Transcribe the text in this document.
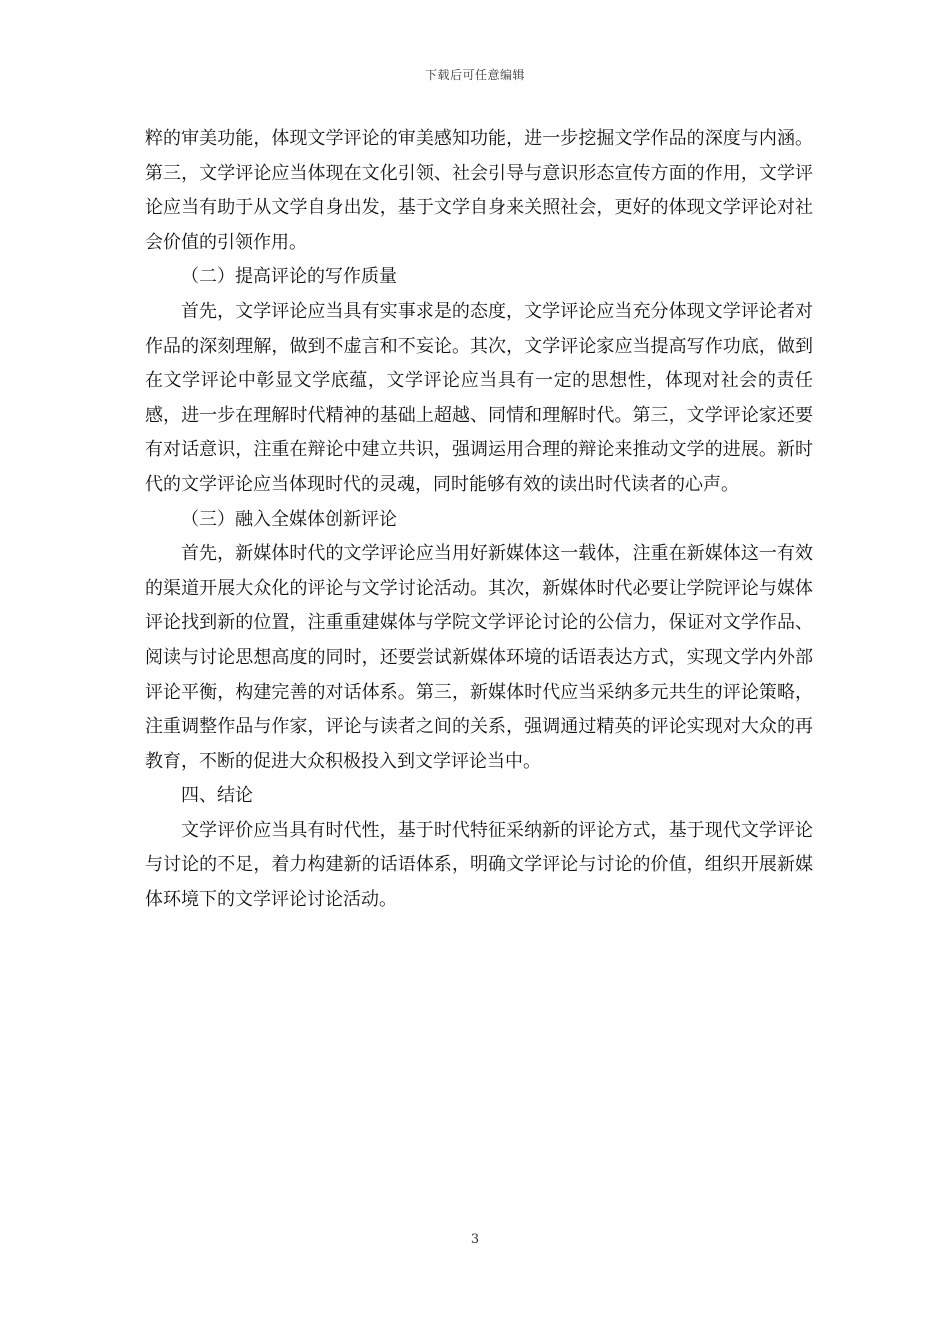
下载后可任意编辑

粹的审美功能，体现文学评论的审美感知功能，进一步挖掘文学作品的深度与内涵。第三，文学评论应当体现在文化引领、社会引导与意识形态宣传方面的作用，文学评论应当有助于从文学自身出发，基于文学自身来关照社会，更好的体现文学评论对社会价值的引领作用。

（二）提高评论的写作质量

首先，文学评论应当具有实事求是的态度，文学评论应当充分体现文学评论者对作品的深刻理解，做到不虚言和不妄论。其次，文学评论家应当提高写作功底，做到在文学评论中彰显文学底蕴，文学评论应当具有一定的思想性，体现对社会的责任感，进一步在理解时代精神的基础上超越、同情和理解时代。第三，文学评论家还要有对话意识，注重在辩论中建立共识，强调运用合理的辩论来推动文学的进展。新时代的文学评论应当体现时代的灵魂，同时能够有效的读出时代读者的心声。

（三）融入全媒体创新评论

首先，新媒体时代的文学评论应当用好新媒体这一载体，注重在新媒体这一有效的渠道开展大众化的评论与文学讨论活动。其次，新媒体时代必要让学院评论与媒体评论找到新的位置，注重重建媒体与学院文学评论讨论的公信力，保证对文学作品、阅读与讨论思想高度的同时，还要尝试新媒体环境的话语表达方式，实现文学内外部评论平衡，构建完善的对话体系。第三，新媒体时代应当采纳多元共生的评论策略，注重调整作品与作家，评论与读者之间的关系，强调通过精英的评论实现对大众的再教育，不断的促进大众积极投入到文学评论当中。

四、结论

文学评价应当具有时代性，基于时代特征采纳新的评论方式，基于现代文学评论与讨论的不足，着力构建新的话语体系，明确文学评论与讨论的价值，组织开展新媒体环境下的文学评论讨论活动。

3
